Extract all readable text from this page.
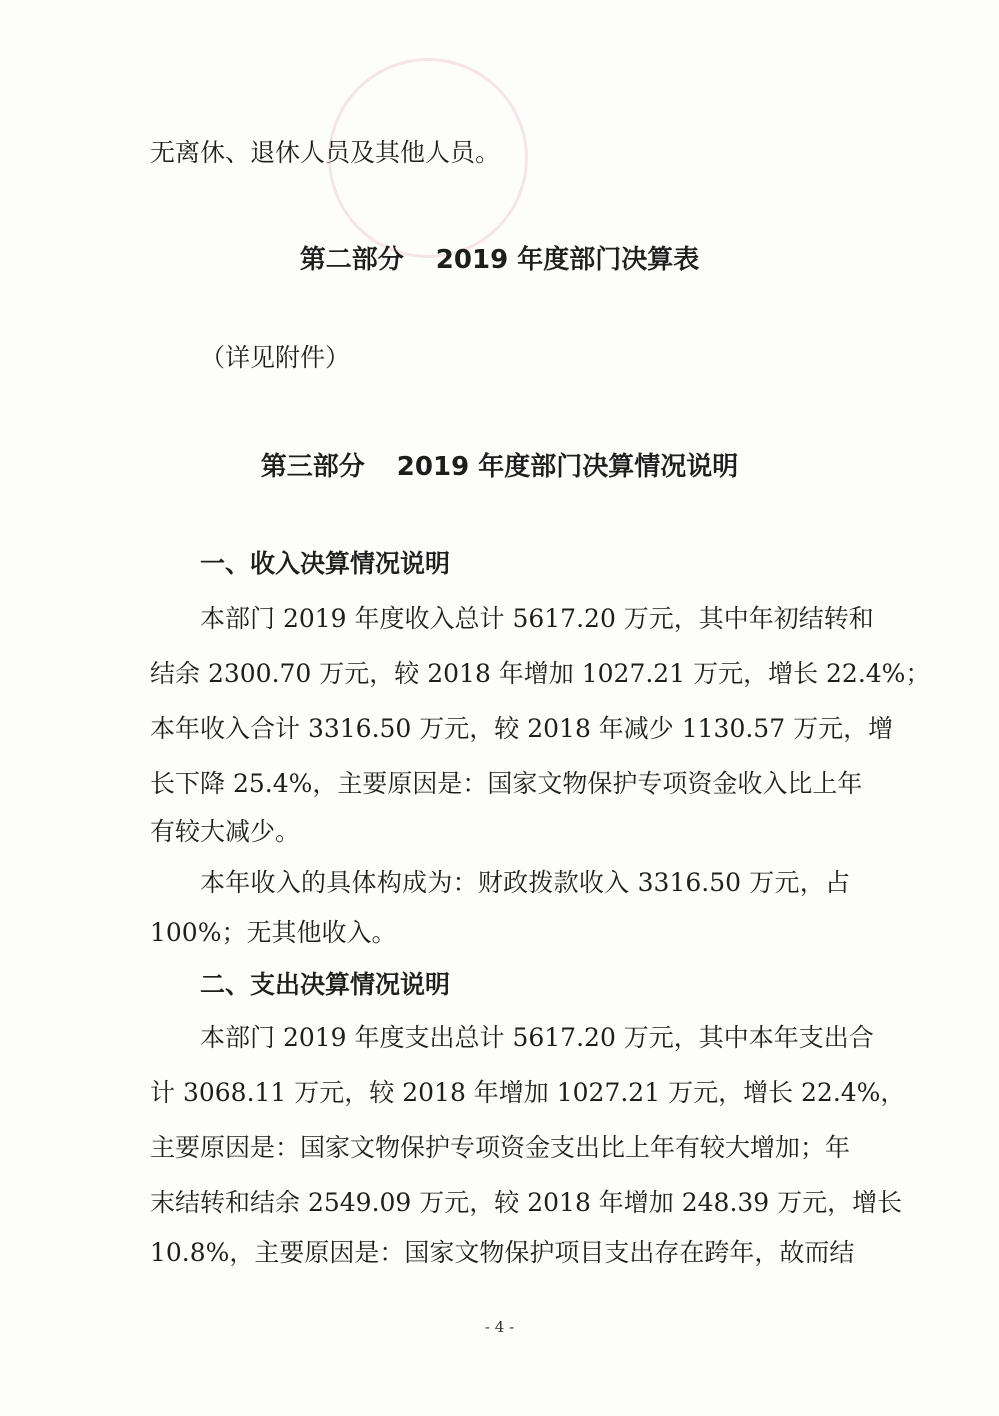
无离休、退休人员及其他人员。
第二部分 2019 年度部门决算表
（详见附件）
第三部分 2019 年度部门决算情况说明
一、收入决算情况说明
本部门 2019 年度收入总计 5617.20 万元，其中年初结转和
结余 2300.70 万元，较 2018 年增加 1027.21 万元，增长 22.4%；
本年收入合计 3316.50 万元，较 2018 年减少 1130.57 万元，增
长下降 25.4%，主要原因是：国家文物保护专项资金收入比上年
有较大减少。
本年收入的具体构成为：财政拨款收入 3316.50 万元，占
100%；无其他收入。
二、支出决算情况说明
本部门 2019 年度支出总计 5617.20 万元，其中本年支出合
计 3068.11 万元，较 2018 年增加 1027.21 万元，增长 22.4%，
主要原因是：国家文物保护专项资金支出比上年有较大增加；年
末结转和结余 2549.09 万元，较 2018 年增加 248.39 万元，增长
10.8%，主要原因是：国家文物保护项目支出存在跨年，故而结
- 4 -
